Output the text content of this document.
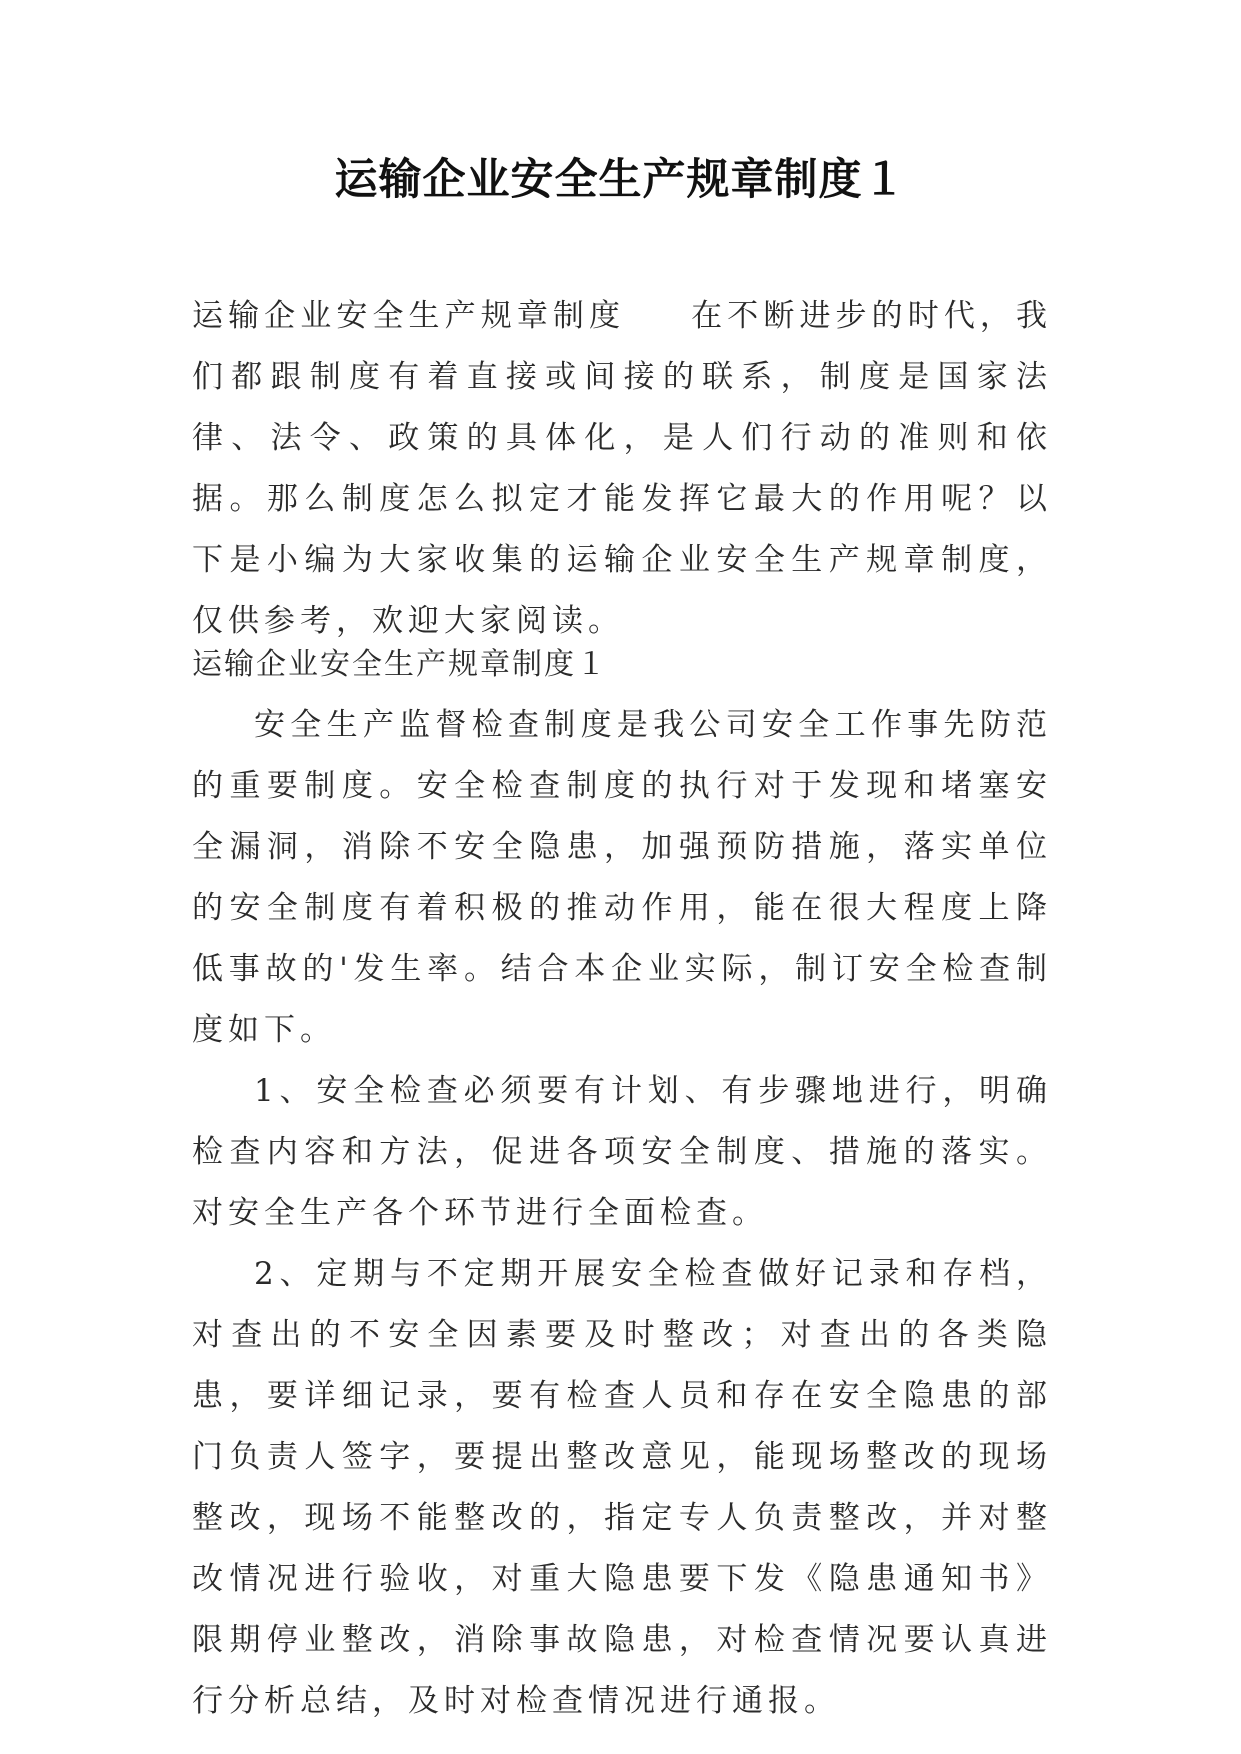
运输企业安全生产规章制度１

运输企业安全生产规章制度 在不断进步的时代，我们都跟制度有着直接或间接的联系，制度是国家法律、法令、政策的具体化，是人们行动的准则和依据。那么制度怎么拟定才能发挥它最大的作用呢？以下是小编为大家收集的运输企业安全生产规章制度，仅供参考，欢迎大家阅读。

运输企业安全生产规章制度１

安全生产监督检查制度是我公司安全工作事先防范的重要制度。安全检查制度的执行对于发现和堵塞安全漏洞，消除不安全隐患，加强预防措施，落实单位的安全制度有着积极的推动作用，能在很大程度上降低事故的'发生率。结合本企业实际，制订安全检查制度如下。

1、安全检查必须要有计划、有步骤地进行，明确检查内容和方法，促进各项安全制度、措施的落实。对安全生产各个环节进行全面检查。

2、定期与不定期开展安全检查做好记录和存档，对查出的不安全因素要及时整改；对查出的各类隐患，要详细记录，要有检查人员和存在安全隐患的部门负责人签字，要提出整改意见，能现场整改的现场整改，现场不能整改的，指定专人负责整改，并对整改情况进行验收，对重大隐患要下发《隐患通知书》限期停业整改，消除事故隐患，对检查情况要认真进行分析总结，及时对检查情况进行通报。
